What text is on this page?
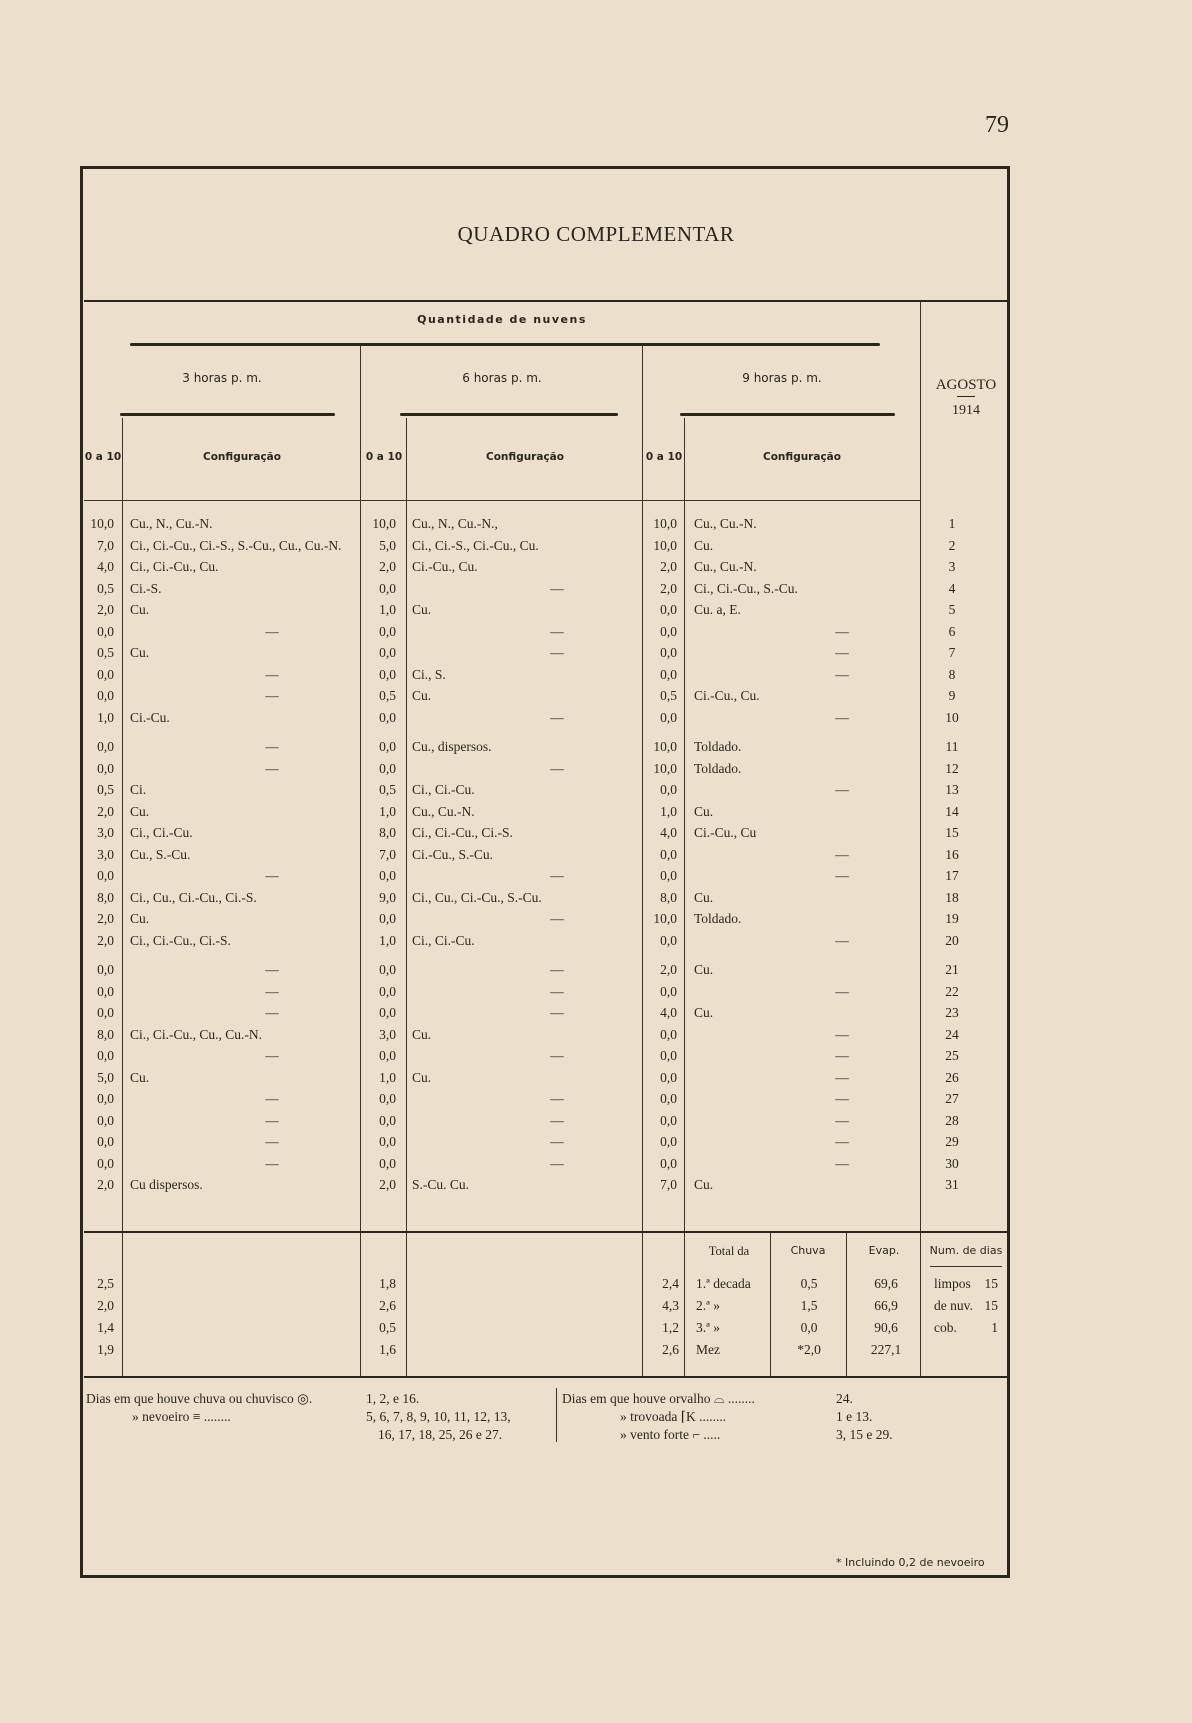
79
QUADRO COMPLEMENTAR
Quantidade de nuvens
3 horas p. m.	6 horas p. m.	9 horas p. m.	AGOSTO
1914
0 a 10	Configuração	0 a 10	Configuração	0 a 10	Configuração
10,0 Cu., N., Cu.-N.	10,0 Cu., N., Cu.-N.,	10,0 Cu., Cu.-N.	1
7,0 Ci., Ci.-Cu., Ci.-S., S.-Cu., Cu., Cu.-N.	5,0 Ci., Ci.-S., Ci.-Cu., Cu.	10,0 Cu.	2
4,0 Ci., Ci.-Cu., Cu.	2,0 Ci.-Cu., Cu.	2,0 Cu., Cu.-N.	3
0,5 Ci.-S.	0,0	—	2,0 Ci., Ci.-Cu., S.-Cu.	4
2,0 Cu.	1,0 Cu.	0,0 Cu. a, E.	5
0,0	—	0,0	—	0,0	—	6
0,5 Cu.	0,0	—	0,0	—	7
0,0	—	0,0 Ci., S.	0,0	—	8
0,0	—	0,5 Cu.	0,5 Ci.-Cu., Cu.	9
1,0 Ci.-Cu.	0,0	—	0,0	—	10
0,0	—	0,0 Cu., dispersos.	10,0 Toldado.	11
0,0	—	0,0	—	10,0 Toldado.	12
0,5 Ci.	0,5 Ci., Ci.-Cu.	0,0	—	13
2,0 Cu.	1,0 Cu., Cu.-N.	1,0 Cu.	14
3,0 Ci., Ci.-Cu.	8,0 Ci., Ci.-Cu., Ci.-S.	4,0 Ci.-Cu., Cu	15
3,0 Cu., S.-Cu.	7,0 Ci.-Cu., S.-Cu.	0,0	—	16
0,0	—	0,0	—	0,0	—	17
8,0 Ci., Cu., Ci.-Cu., Ci.-S.	9,0 Ci., Cu., Ci.-Cu., S.-Cu.	8,0 Cu.	18
2,0 Cu.	0,0	—	10,0 Toldado.	19
2,0 Ci., Ci.-Cu., Ci.-S.	1,0 Ci., Ci.-Cu.	0,0	—	20
0,0	—	0,0	—	2,0 Cu.	21
0,0	—	0,0	—	0,0	—	22
0,0	—	0,0	—	4,0 Cu.	23
8,0 Ci., Ci.-Cu., Cu., Cu.-N.	3,0 Cu.	0,0	—	24
0,0	—	0,0	—	0,0	—	25
5,0 Cu.	1,0 Cu.	0,0	—	26
0,0	—	0,0	—	0,0	—	27
0,0	—	0,0	—	0,0	—	28
0,0	—	0,0	—	0,0	—	29
0,0	—	0,0	—	0,0	—	30
2,0 Cu dispersos.	2,0 S.-Cu. Cu.	7,0 Cu.	31
Total da	Chuva	Evap.	Num. de dias
2,5	1,8	2,4 1.ª decada	0,5	69,6	limpos	15
2,0	2,6	4,3 2.ª »	1,5	66,9	de nuv. 15
1,4	0,5	1,2 3.ª »	0,0	90,6	cob.	1
1,9	1,6	2,6 Mez	*2,0	227,1
Dias em que houve chuva ou chuvisco ◎.	1, 2, e 16.
» nevoeiro ≡ ........	5, 6, 7, 8, 9, 10, 11, 12, 13,
16, 17, 18, 25, 26 e 27.
Dias em que houve orvalho ⌓ ........	24.
» trovoada ⌈K ........	1 e 13.
» vento forte ⌐ .....	3, 15 e 29.
* Incluindo 0,2 de nevoeiro
